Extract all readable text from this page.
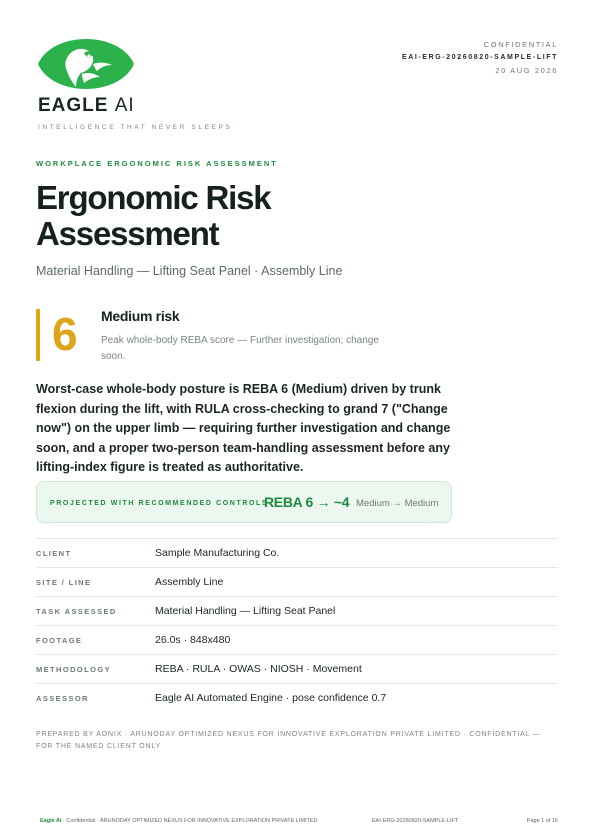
EAGLE AI
INTELLIGENCE THAT NEVER SLEEPS
CONFIDENTIAL
EAI-ERG-20260820-SAMPLE-LIFT
20 AUG 2026
WORKPLACE ERGONOMIC RISK ASSESSMENT
Ergonomic Risk Assessment
Material Handling — Lifting Seat Panel · Assembly Line
6 Medium risk
Peak whole-body REBA score — Further investigation; change soon.

Worst-case whole-body posture is REBA 6 (Medium) driven by trunk flexion during the lift, with RULA cross-checking to grand 7 ("Change now") on the upper limb — requiring further investigation and change soon, and a proper two-person team-handling assessment before any lifting-index figure is treated as authoritative.

PROJECTED WITH RECOMMENDED CONTROLS
REBA 6 → ~4 Medium → Medium
CLIENT	Sample Manufacturing Co.
SITE / LINE	Assembly Line
TASK ASSESSED	Material Handling — Lifting Seat Panel
FOOTAGE	26.0s · 848x480
METHODOLOGY	REBA · RULA · OWAS · NIOSH · Movement
ASSESSOR	Eagle AI Automated Engine · pose confidence 0.7
PREPARED BY AONIX · ARUNODAY OPTIMIZED NEXUS FOR INNOVATIVE EXPLORATION PRIVATE LIMITED · CONFIDENTIAL — FOR THE NAMED CLIENT ONLY
Eagle AI · Confidential · ARUNODAY OPTIMIZED NEXUS FOR INNOVATIVE EXPLORATION PRIVATE LIMITED	EAI-ERG-20260820-SAMPLE-LIFT	Page 1 of 16
